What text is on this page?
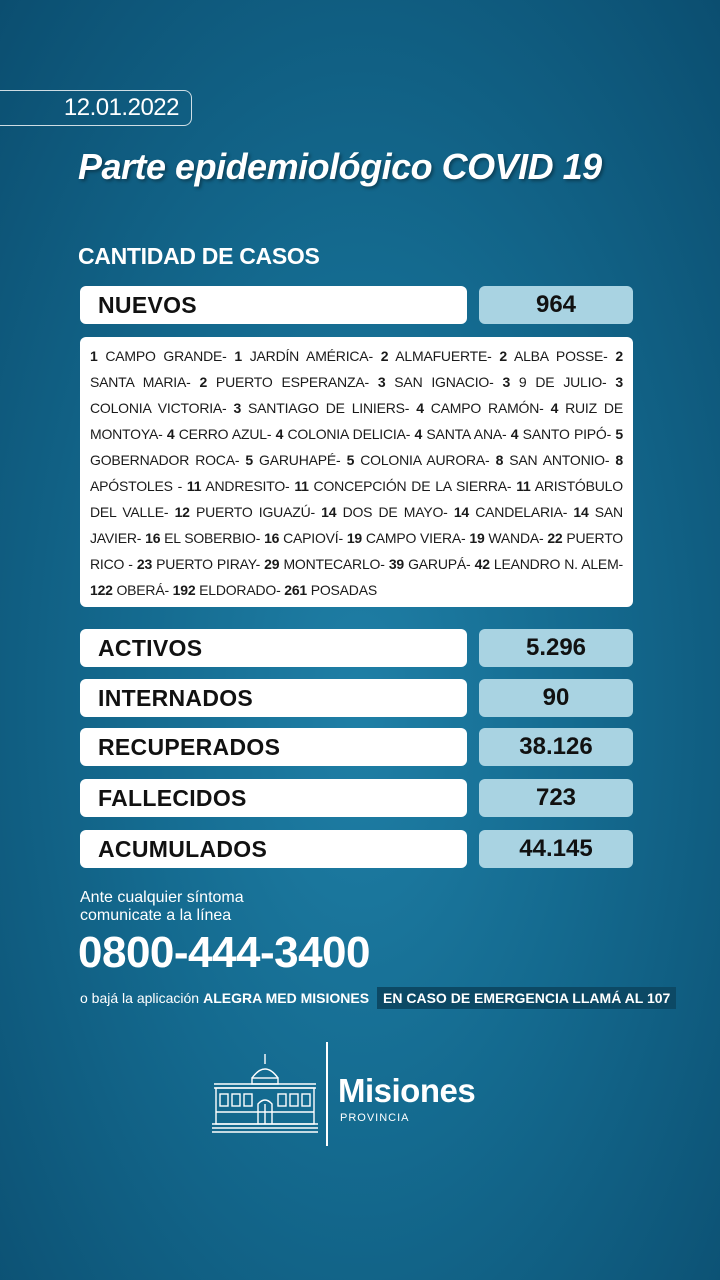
12.01.2022
Parte epidemiológico COVID 19
CANTIDAD DE CASOS
NUEVOS	964
1 CAMPO GRANDE- 1 JARDÍN AMÉRICA- 2 ALMAFUERTE- 2 ALBA POSSE- 2 SANTA MARIA- 2 PUERTO ESPERANZA- 3 SAN IGNACIO- 3 9 DE JULIO- 3 COLONIA VICTORIA- 3 SANTIAGO DE LINIERS- 4 CAMPO RAMÓN- 4 RUIZ DE MONTOYA- 4 CERRO AZUL- 4 COLONIA DELICIA- 4 SANTA ANA- 4 SANTO PIPÓ- 5 GOBERNADOR ROCA- 5 GARUHAPÉ- 5 COLONIA AURORA- 8 SAN ANTONIO- 8 APÓSTOLES - 11 ANDRESITO- 11 CONCEPCIÓN DE LA SIERRA- 11 ARISTÓBULO DEL VALLE- 12 PUERTO IGUAZÚ- 14 DOS DE MAYO- 14 CANDELARIA- 14 SAN JAVIER- 16 EL SOBERBIO- 16 CAPIOVÍ- 19 CAMPO VIERA- 19 WANDA- 22 PUERTO RICO - 23 PUERTO PIRAY- 29 MONTECARLO- 39 GARUPÁ- 42 LEANDRO N. ALEM- 122 OBERÁ- 192 ELDORADO- 261 POSADAS
ACTIVOS	5.296
INTERNADOS	90
RECUPERADOS	38.126
FALLECIDOS	723
ACUMULADOS	44.145
Ante cualquier síntoma
comunicate a la línea
0800-444-3400
o bajá la aplicación ALEGRA MED MISIONES	EN CASO DE EMERGENCIA LLAMÁ AL 107
Misiones
PROVINCIA
